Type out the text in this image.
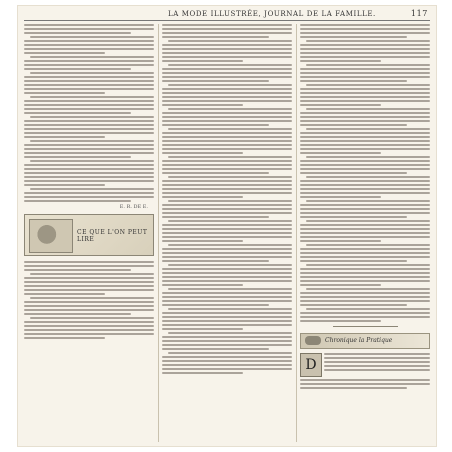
LA MODE ILLUSTRÉE, JOURNAL DE LA FAMILLE.	117
E. R. DE E.
CE QUE L'ON PEUT LIRE
Chronique la Pratique
D
